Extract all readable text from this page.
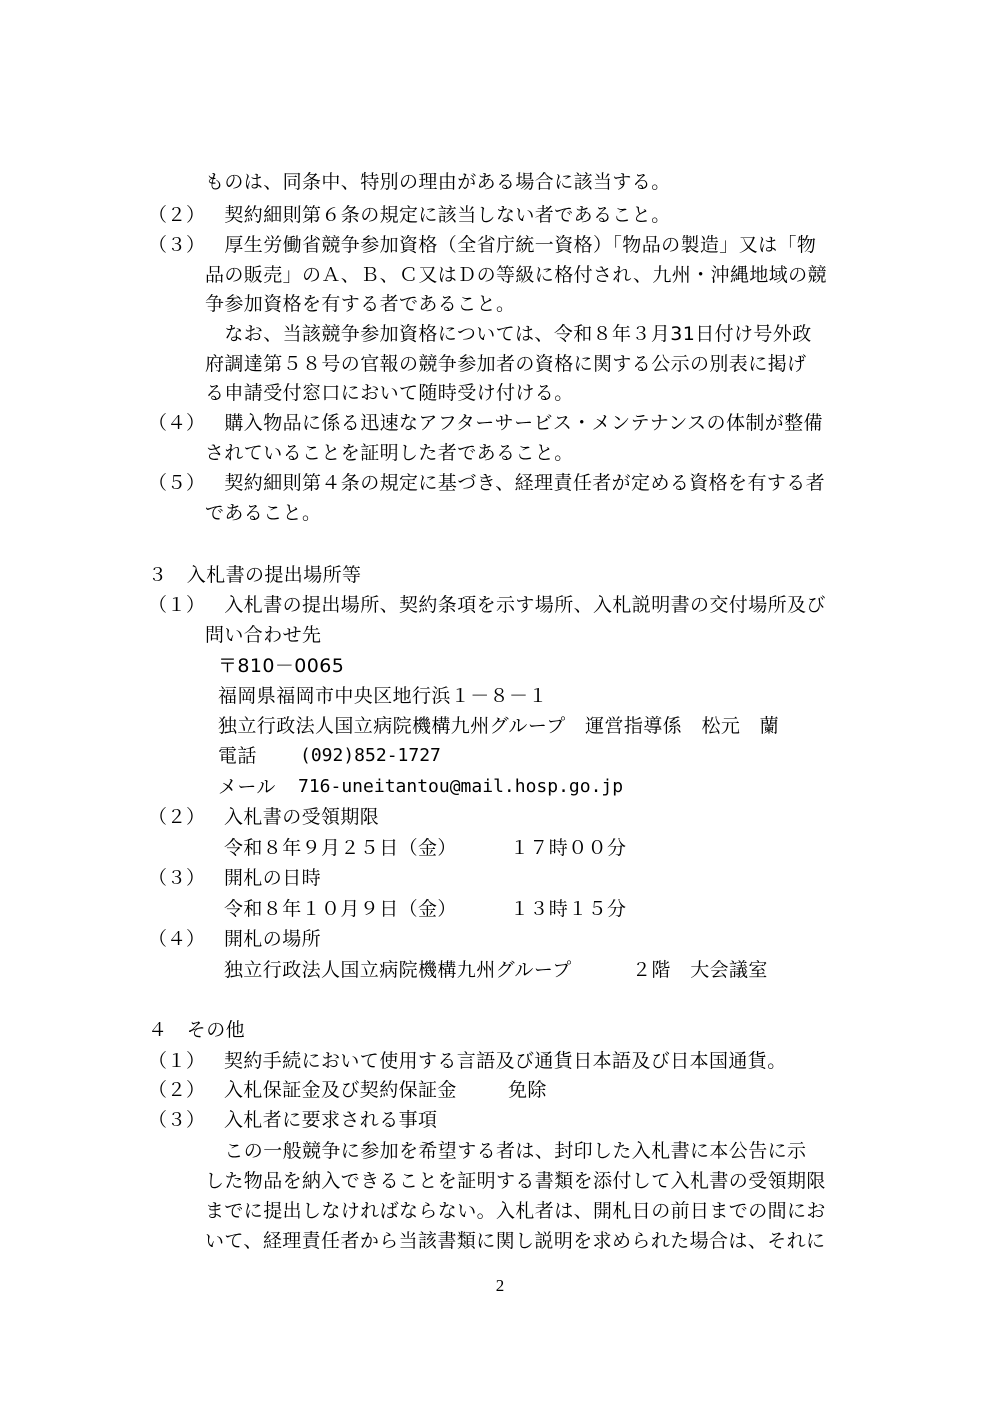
ものは、同条中、特別の理由がある場合に該当する。
（２） 　契約細則第６条の規定に該当しない者であること。
（３） 　厚生労働省競争参加資格（全省庁統一資格）「物品の製造」又は「物
品の販売」のＡ、Ｂ、Ｃ又はＤの等級に格付され、九州・沖縄地域の競
争参加資格を有する者であること。
　なお、当該競争参加資格については、令和８年３月31日付け号外政
府調達第５８号の官報の競争参加者の資格に関する公示の別表に掲げ
る申請受付窓口において随時受け付ける。
（４） 　購入物品に係る迅速なアフターサービス・メンテナンスの体制が整備
されていることを証明した者であること。
（５） 　契約細則第４条の規定に基づき、経理責任者が定める資格を有する者
であること。
３　入札書の提出場所等
（１） 　入札書の提出場所、契約条項を示す場所、入札説明書の交付場所及び
問い合わせ先
〒810－0065
福岡県福岡市中央区地行浜１－８－１
独立行政法人国立病院機構九州グループ　運営指導係　松元　蘭
電話 (092)852-1727
メール 716-uneitantou@mail.hosp.go.jp
（２） 入札書の受領期限
令和８年９月２５日（金）	１７時００分
（３） 開札の日時
令和８年１０月９日（金）	１３時１５分
（４） 開札の場所
独立行政法人国立病院機構九州グループ	２階　大会議室
４　その他
（１） 契約手続において使用する言語及び通貨日本語及び日本国通貨。
（２） 入札保証金及び契約保証金	免除
（３） 入札者に要求される事項
　この一般競争に参加を希望する者は、封印した入札書に本公告に示
した物品を納入できることを証明する書類を添付して入札書の受領期限
までに提出しなければならない。入札者は、開札日の前日までの間にお
いて、経理責任者から当該書類に関し説明を求められた場合は、それに
2
